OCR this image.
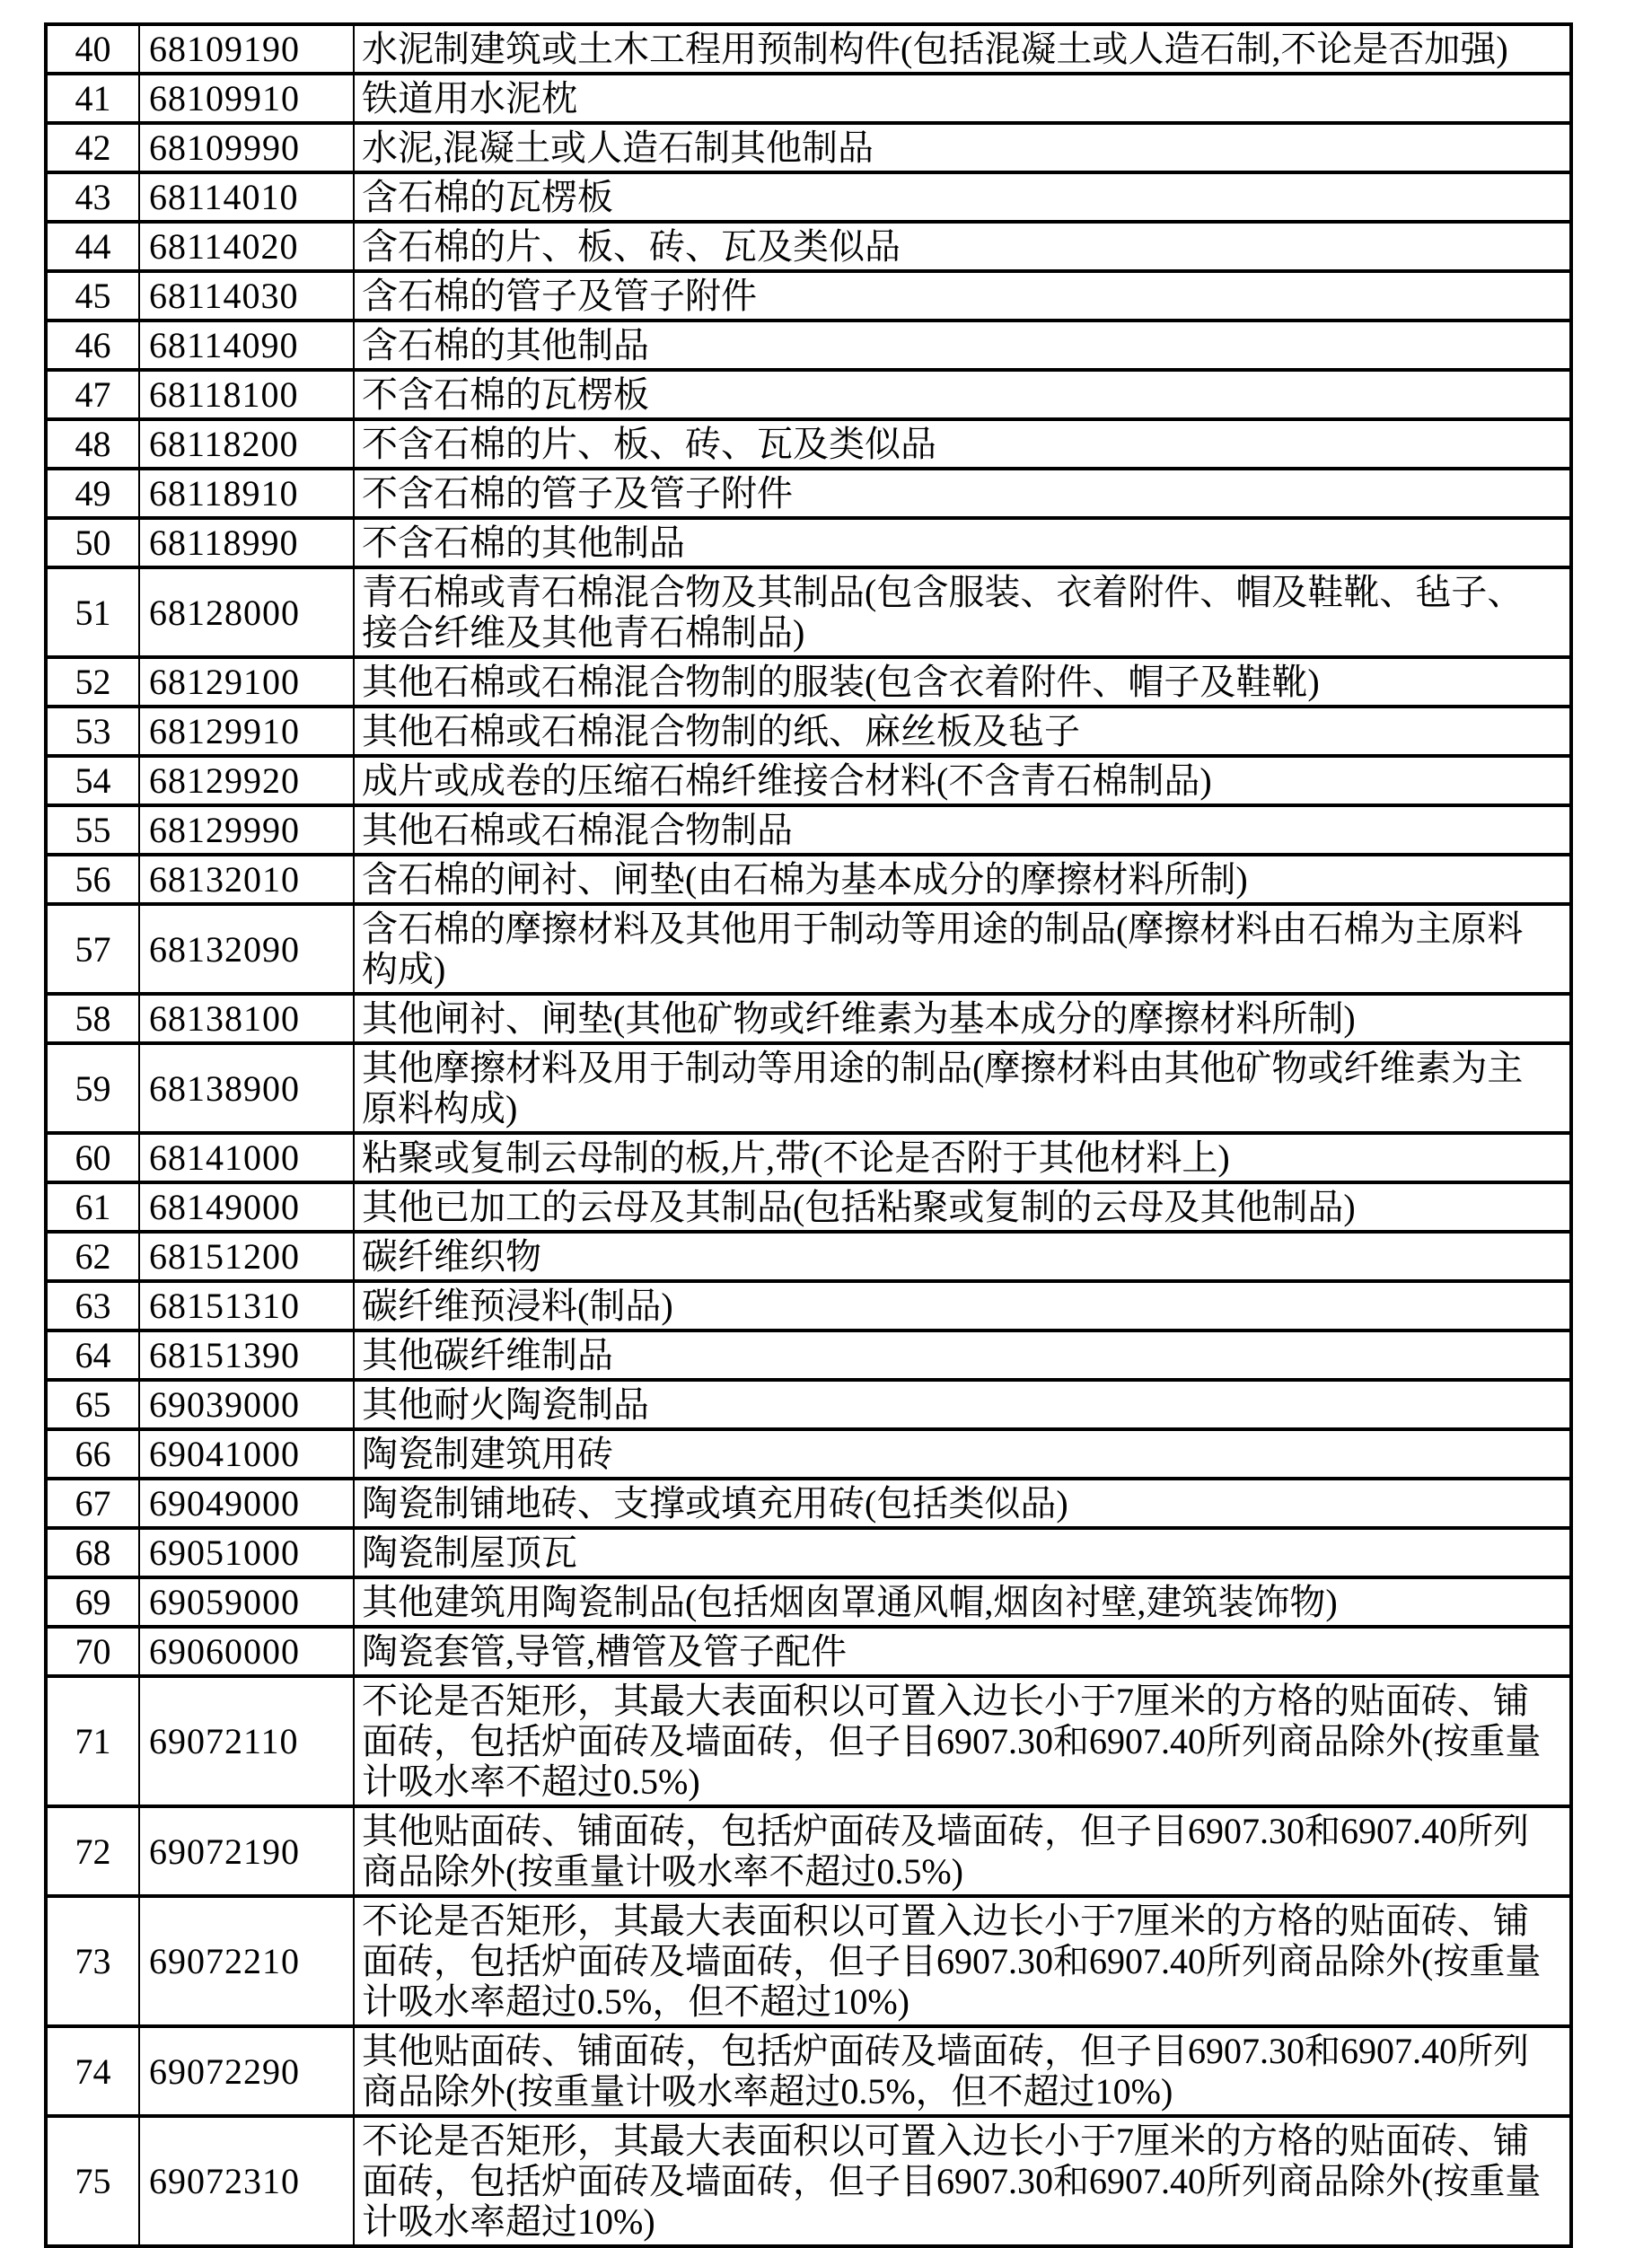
40	68109190	水泥制建筑或土木工程用预制构件(包括混凝土或人造石制,不论是否加强)
41	68109910	铁道用水泥枕
42	68109990	水泥,混凝土或人造石制其他制品
43	68114010	含石棉的瓦楞板
44	68114020	含石棉的片、板、砖、瓦及类似品
45	68114030	含石棉的管子及管子附件
46	68114090	含石棉的其他制品
47	68118100	不含石棉的瓦楞板
48	68118200	不含石棉的片、板、砖、瓦及类似品
49	68118910	不含石棉的管子及管子附件
50	68118990	不含石棉的其他制品
51	68128000	青石棉或青石棉混合物及其制品(包含服装、衣着附件、帽及鞋靴、毡子、接合纤维及其他青石棉制品)
52	68129100	其他石棉或石棉混合物制的服装(包含衣着附件、帽子及鞋靴)
53	68129910	其他石棉或石棉混合物制的纸、麻丝板及毡子
54	68129920	成片或成卷的压缩石棉纤维接合材料(不含青石棉制品)
55	68129990	其他石棉或石棉混合物制品
56	68132010	含石棉的闸衬、闸垫(由石棉为基本成分的摩擦材料所制)
57	68132090	含石棉的摩擦材料及其他用于制动等用途的制品(摩擦材料由石棉为主原料构成)
58	68138100	其他闸衬、闸垫(其他矿物或纤维素为基本成分的摩擦材料所制)
59	68138900	其他摩擦材料及用于制动等用途的制品(摩擦材料由其他矿物或纤维素为主原料构成)
60	68141000	粘聚或复制云母制的板,片,带(不论是否附于其他材料上)
61	68149000	其他已加工的云母及其制品(包括粘聚或复制的云母及其他制品)
62	68151200	碳纤维织物
63	68151310	碳纤维预浸料(制品)
64	68151390	其他碳纤维制品
65	69039000	其他耐火陶瓷制品
66	69041000	陶瓷制建筑用砖
67	69049000	陶瓷制铺地砖、支撑或填充用砖(包括类似品)
68	69051000	陶瓷制屋顶瓦
69	69059000	其他建筑用陶瓷制品(包括烟囱罩通风帽,烟囱衬壁,建筑装饰物)
70	69060000	陶瓷套管,导管,槽管及管子配件
71	69072110	不论是否矩形，其最大表面积以可置入边长小于7厘米的方格的贴面砖、铺面砖，包括炉面砖及墙面砖，但子目6907.30和6907.40所列商品除外(按重量计吸水率不超过0.5%)
72	69072190	其他贴面砖、铺面砖，包括炉面砖及墙面砖，但子目6907.30和6907.40所列商品除外(按重量计吸水率不超过0.5%)
73	69072210	不论是否矩形，其最大表面积以可置入边长小于7厘米的方格的贴面砖、铺面砖，包括炉面砖及墙面砖，但子目6907.30和6907.40所列商品除外(按重量计吸水率超过0.5%，但不超过10%)
74	69072290	其他贴面砖、铺面砖，包括炉面砖及墙面砖，但子目6907.30和6907.40所列商品除外(按重量计吸水率超过0.5%，但不超过10%)
75	69072310	不论是否矩形，其最大表面积以可置入边长小于7厘米的方格的贴面砖、铺面砖，包括炉面砖及墙面砖，但子目6907.30和6907.40所列商品除外(按重量计吸水率超过10%)
